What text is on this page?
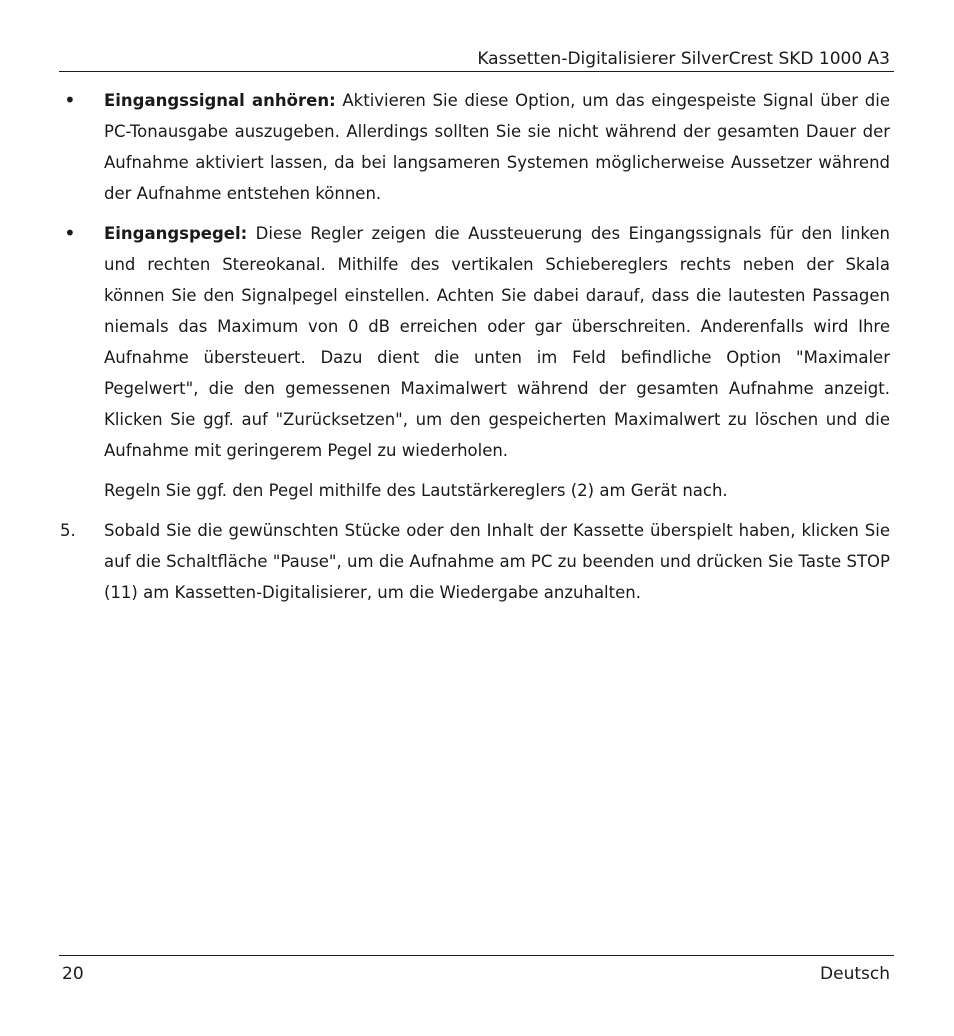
Kassetten-Digitalisierer SilverCrest SKD 1000 A3
• Eingangssignal anhören: Aktivieren Sie diese Option, um das eingespeiste Signal über die PC-Tonausgabe auszugeben. Allerdings sollten Sie sie nicht während der gesamten Dauer der Aufnahme aktiviert lassen, da bei langsameren Systemen möglicherweise Aussetzer während der Aufnahme entstehen können.
• Eingangspegel: Diese Regler zeigen die Aussteuerung des Eingangssignals für den linken und rechten Stereokanal. Mithilfe des vertikalen Schiebereglers rechts neben der Skala können Sie den Signalpegel einstellen. Achten Sie dabei darauf, dass die lautesten Passagen niemals das Maximum von 0 dB erreichen oder gar überschreiten. Anderenfalls wird Ihre Aufnahme übersteuert. Dazu dient die unten im Feld befindliche Option "Maximaler Pegelwert", die den gemessenen Maximalwert während der gesamten Aufnahme anzeigt. Klicken Sie ggf. auf "Zurücksetzen", um den gespeicherten Maximalwert zu löschen und die Aufnahme mit geringerem Pegel zu wiederholen.
Regeln Sie ggf. den Pegel mithilfe des Lautstärkereglers (2) am Gerät nach.
5. Sobald Sie die gewünschten Stücke oder den Inhalt der Kassette überspielt haben, klicken Sie auf die Schaltfläche "Pause", um die Aufnahme am PC zu beenden und drücken Sie Taste STOP (11) am Kassetten-Digitalisierer, um die Wiedergabe anzuhalten.
20	Deutsch
